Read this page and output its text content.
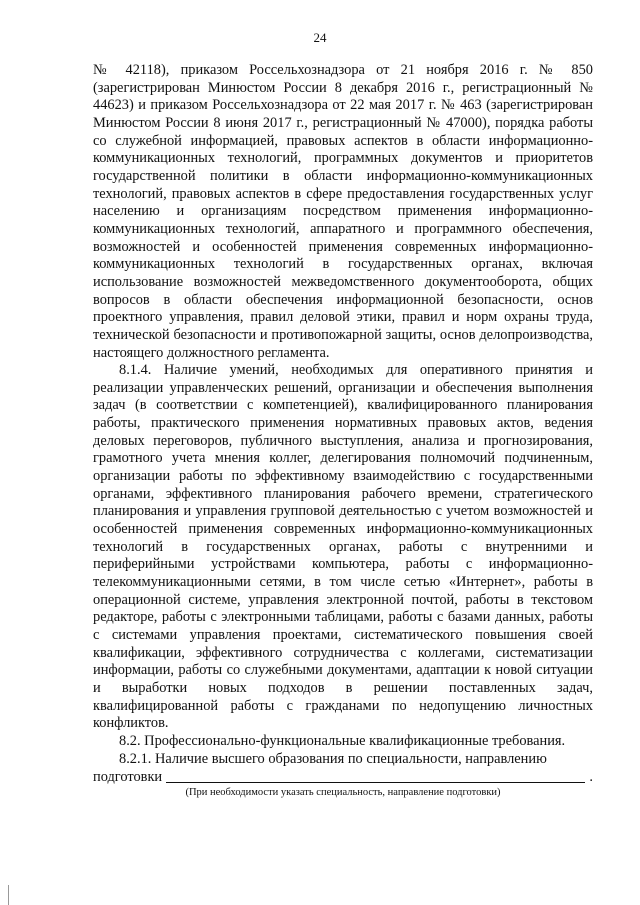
24

№ 42118), приказом Россельхознадзора от 21 ноября 2016 г. № 850 (зарегистрирован Минюстом России 8 декабря 2016 г., регистрационный № 44623) и приказом Россельхознадзора от 22 мая 2017 г. № 463 (зарегистрирован Минюстом России 8 июня 2017 г., регистрационный № 47000), порядка работы со служебной информацией, правовых аспектов в области информационно-коммуникационных технологий, программных документов и приоритетов государственной политики в области информационно-коммуникационных технологий, правовых аспектов в сфере предоставления государственных услуг населению и организациям посредством применения информационно-коммуникационных технологий, аппаратного и программного обеспечения, возможностей и особенностей применения современных информационно-коммуникационных технологий в государственных органах, включая использование возможностей межведомственного документооборота, общих вопросов в области обеспечения информационной безопасности, основ проектного управления, правил деловой этики, правил и норм охраны труда, технической безопасности и противопожарной защиты, основ делопроизводства, настоящего должностного регламента.

8.1.4. Наличие умений, необходимых для оперативного принятия и реализации управленческих решений, организации и обеспечения выполнения задач (в соответствии с компетенцией), квалифицированного планирования работы, практического применения нормативных правовых актов, ведения деловых переговоров, публичного выступления, анализа и прогнозирования, грамотного учета мнения коллег, делегирования полномочий подчиненным, организации работы по эффективному взаимодействию с государственными органами, эффективного планирования рабочего времени, стратегического планирования и управления групповой деятельностью с учетом возможностей и особенностей применения современных информационно-коммуникационных технологий в государственных органах, работы с внутренними и периферийными устройствами компьютера, работы с информационно-телекоммуникационными сетями, в том числе сетью «Интернет», работы в операционной системе, управления электронной почтой, работы в текстовом редакторе, работы с электронными таблицами, работы с базами данных, работы с системами управления проектами, систематического повышения своей квалификации, эффективного сотрудничества с коллегами, систематизации информации, работы со служебными документами, адаптации к новой ситуации и выработки новых подходов в решении поставленных задач, квалифицированной работы с гражданами по недопущению личностных конфликтов.

8.2. Профессионально-функциональные квалификационные требования.

8.2.1. Наличие высшего образования по специальности, направлению

подготовки	.
(При необходимости указать специальность, направление подготовки)
